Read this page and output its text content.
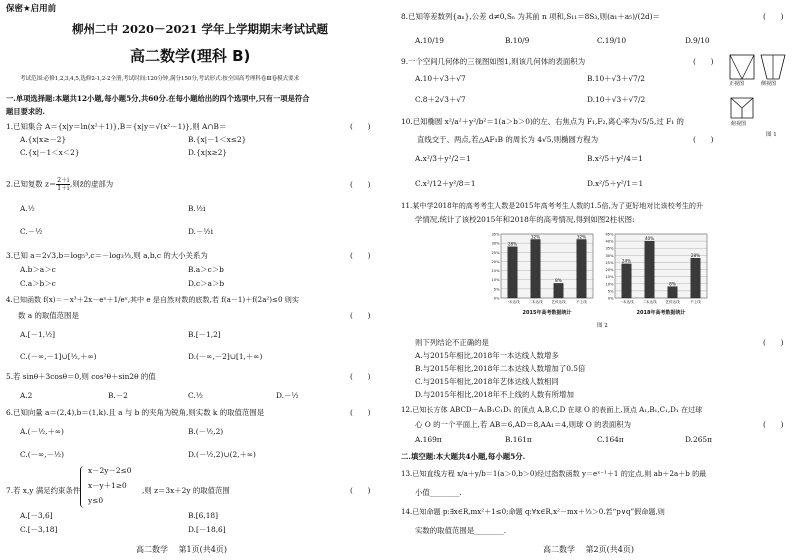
保密★启用前
柳州二中 2020－2021 学年上学期期末考试试题
高二数学(理科 B)
考试范围:必修1,2,3,4,5,选修2-1,2-2全册,考试时间:120分钟,满分150分,考试形式:按全国高考理科卷Ⅲ卷模式要求
一.单项选择题:本题共12小题,每小题5分,共60分.在每小题给出的四个选项中,只有一项是符合
题目要求的.
1.已知集合 A＝{x|y＝ln(x²＋1)},B＝{x|y＝√(x²－1)},则 A∩B＝	(　　)
A.{x|x≥－2}	B.{x|－1＜x≤2}
C.{x|－1＜x＜2}	D.{x|x≥2}
2.已知复数 $z= \frac{2+i}{1+i}$ ,则z̄的虚部为	(　　)
A.½	B.½i
C.－½	D.－½i
3.已知 a＝2√3,b＝log₅³,c＝－log₃⅓,则 a,b,c 的大小关系为	(　　)
A.b＞a＞c	B.a＞c＞b
C.a＞b＞c	D.c＞a＞b
4.已知函数 f(x)＝－x³＋2x－eˣ＋1/eˣ,其中 e 是自然对数的底数,若 f(a－1)＋f(2a²)≤0 则实
数 a 的取值范围是	(　　)
A.[－1,½]	B.[－1,2]
C.(－∞,－1]∪[½,＋∞)	D.(－∞,－2]∪[1,＋∞)
5.若 sinθ＋3cosθ＝0,则 cos²θ＋sin2θ 的值	(　　)
A.2	B.－2	C.½	D.－½
6.已知向量 a＝(2,4),b＝(1,k).且 a 与 b 的夹角为锐角,则实数 k 的取值范围是	(　　)
A.(－½,＋∞)	B.(－½,2)
C.(－∞,－½)	D.(－½,2)∪(2,＋∞)
7.若 x,y 满足约束条件
x－2y－2≤0
x－y＋1≥0
y≤0
,则 z＝3x＋2y 的取值范围	(　　)
A.[－3,6]	B.[6,18]
C.[－3,18]	D.[－18,6]
高二数学　 第1页(共4页)
8.已知等差数列{aₙ},公差 d≠0,Sₙ 为其前 n 项和,S₁₁＝8S₃,则(a₁＋a₅)/(2d)＝	(　　)
A.10/19	B.10/9	C.19/10	D.9/10
9.一个空间几何体的三视图如图1,则该几何体的表面积为	(　　)
A.10＋√3＋√7	B.10＋√3＋√7/2
C.8＋2√3＋√7	D.10＋√3＋√7/2
正视图	侧视图
俯视图
图 1
10.已知椭圆 x²/a²＋y²/b²＝1(a＞b＞0)的左、右焦点为 F₁,F₂,离心率为√5/5,过 F₁ 的
直线交于、两点,若△AF₁B 的周长为 4√5,则椭圆方程为	(　　)
A.x²/3＋y²/2＝1	B.x²/5＋y²/4＝1
C.x²/12＋y²/8＝1	D.x²/5＋y²/1＝1
11.某中学2018年的高考考生人数是2015年高考考生人数的1.5倍,为了更好地对比该校考生的升
学情况,统计了该校2015年和2018年的高考情况,得到如图2柱状图:
35%
30%
25%
20%
15%
10%
5%
0%
28%
一本达线
32%
二本达线
8%
艺体达线
32%
不上线
2015年高考数据统计
45%
40%
35%
30%
25%
20%
15%
10%
5%
0%
24%
一本达线
40%
二本达线
8%
艺体达线
28%
不上线
2018年高考数据统计
图 2
则下列结论不正确的是	(　　)
A.与2015年相比,2018年一本达线人数增多
B.与2015年相比,2018年二本达线人数增加了0.5倍
C.与2015年相比,2018年艺体达线人数相同
D.与2015年相比,2018年不上线的人数有所增加
12.已知长方体 ABCD－A₁B₁C₁D₁ 的顶点 A,B,C,D 在球 O 的表面上,顶点 A₁,B₁,C₁,D₁ 在过球
心 O 的一个平面上,若 AB＝6,AD＝8,AA₁＝4,则球 O 的表面积为	(　　)
A.169π	B.161π	C.164π	D.265π
二.填空题:本大题共4小题,每小题5分.
13.已知直线方程 x/a＋y/b＝1(a＞0,b＞0)经过指数函数 y＝eˣ⁻¹＋1 的定点,则 ab＋2a＋b 的最
小值________.
14.已知命题 p:∃x∈R,mx²＋1≤0;命题 q:∀x∈R,x²－mx＋⅓＞0.若“p∨q”假命题,则
实数的取值范围是________.
高二数学　 第2页(共4页)
